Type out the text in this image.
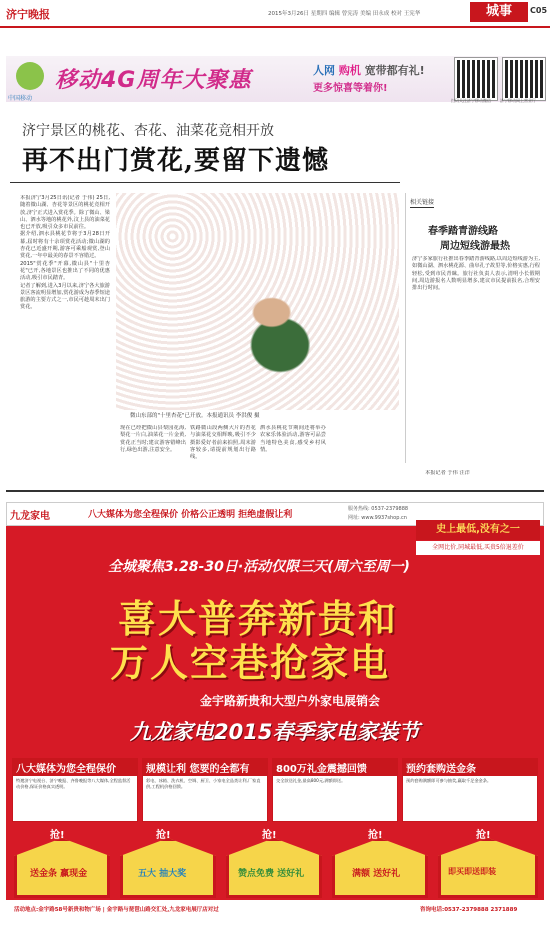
济宁晚报	2015年3月26日 星期四 编辑 曾宪涛 美编 田永成 校对 王宪华	城事	C05
中国移动
移动4G周年大聚惠	人网 购机 宽带都有礼!
更多惊喜等着你!
扫码关注济宁移动微信 济宁移动网上营业厅
济宁景区的桃花、杏花、油菜花竞相开放
再不出门赏花,要留下遗憾
本报济宁3月25日讯(记者 于伟) 25日,随着微山湖、杏花等景区的桃花竞相开放,济宁正式进入赏花季。除了微山、梁山、泗水等地的桃花外,汶上县的油菜花也已开放,吸引众多市民前往。
据介绍,泗水县桃花节将于3月28日开幕,届时将有十余项赏花活动;微山湖的杏花已近盛开期,游客可乘船观赏,登山赏花,一年中最美的春景不容错过。
2015"赏花季"开幕,微山县"十里杏花"已开,各地景区也推出了不同的优惠活动,吸引市民踏青。
记者了解到,进入3月以来,济宁各大旅游景区客流明显增加,赏花游成为春季短途旅游的主要方式之一,市民可趁周末出门赏花。
微山东部的"十里杏花"已开放。本报通讯员 李洪俊 摄
现在已经把微山县梨园花海,梨花一片白,油菜花一片金黄,赏花正当时;建议游客错峰出行,绿色出游,注意安全。
铁路微山段两侧大片的杏花与油菜花交相辉映,吸引不少摄影爱好者前来拍照,周末游客较多,请提前规划出行路线。
泗水县桃花节期间还将举办农家乐体验活动,游客可品尝当地特色美食,感受乡村风情。
相关链接
春季踏青游线路
周边短线游最热
济宁多家旅行社推出春季踏青游线路,以周边短线游为主,如微山湖、泗水桃花源、曲阜孔子故里等,价格实惠,行程轻松,受到市民青睐。旅行社负责人表示,清明小长假期间,周边游报名人数明显增多,建议市民提前报名,合理安排出行时间。
本报记者 于伟 汪洋
九龙家电	八大媒体为您全程保价 价格公正透明 拒绝虚假让利
服务热线: 0537-2379888
网址: www.9937shop.cn
史上最低,没有之一
全网比价,同城最低,买贵5倍退差价
全城聚焦3.28-30日·活动仅限三天(周六至周一)
喜大普奔新贵和
万人空巷抢家电
金宇路新贵和大型户外家电展销会
九龙家电2015春季家电家装节
八大媒体为您全程保价
特邀济宁电视台、济宁晚报、齐鲁晚报等八大媒体,全程监督活动价格,保证价格真实透明。
规模让利 您要的全都有
彩电、冰箱、洗衣机、空调、厨卫、小家电全品类让利,厂家直供,工程机价格回馈。
800万礼金震撼回馈
交全款送礼金,最高800元,满额即送。
预约套购送金条
预约套购满额即可参与抽奖,赢取千足金金条。
抢!
送金条 赢现金
抢!
五大 抽大奖
抢!
赞点免费 送好礼
抢!
满额 送好礼
抢!
即买即送即装
活动地点:金宇路58号新贵和物广场 | 金宇路与琵琶山路交汇处,九龙家电展厅店对过	咨询电话:0537-2379888 2371889
